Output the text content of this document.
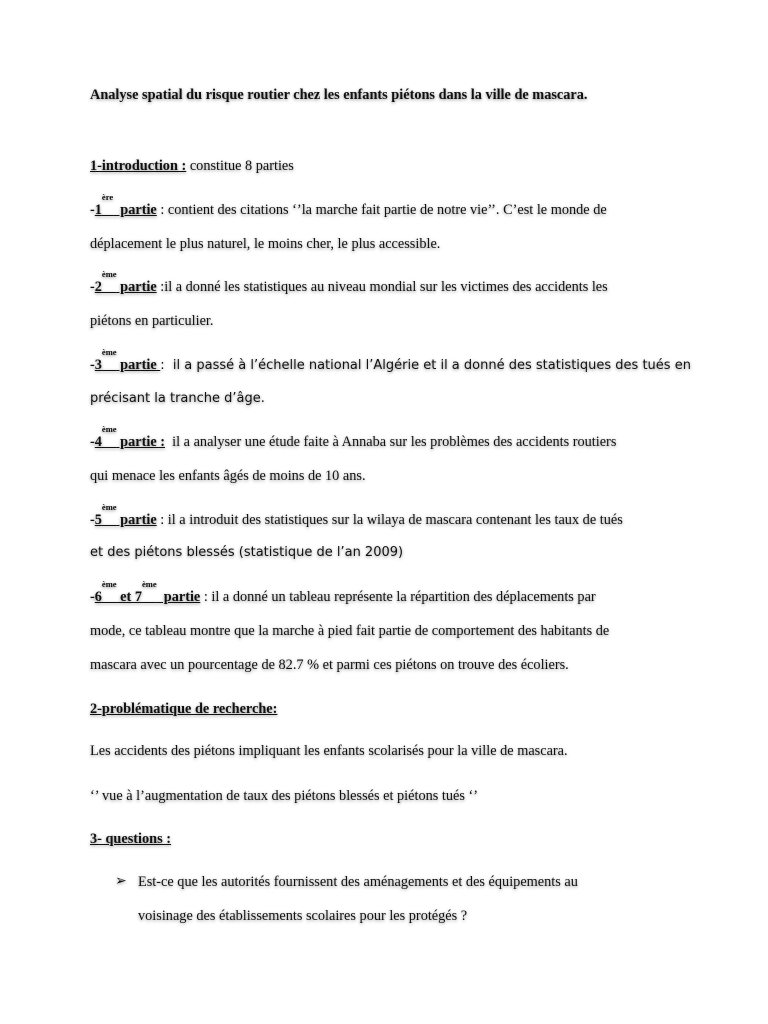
Analyse spatial du risque routier chez les enfants piétons dans la ville de mascara.
1-introduction : constitue 8 parties
-1ère  partie : contient des citations ‘’la marche fait partie de notre vie’’. C’est le monde de
déplacement le plus naturel, le moins cher, le plus accessible.
-2ème partie :il a donné les statistiques au niveau mondial sur les victimes des accidents les
piétons en particulier.
-3ème partie :  il a passé à l’échelle national l’Algérie et il a donné des statistiques des tués en
précisant la tranche d’âge.
-4ème partie :  il a analyser une étude faite à Annaba sur les problèmes des accidents routiers
qui menace les enfants âgés de moins de 10 ans.
-5ème partie : il a introduit des statistiques sur la wilaya de mascara contenant les taux de tués
et des piétons blessés (statistique de l’an 2009)
-6ème et 7ème  partie : il a donné un tableau représente la répartition des déplacements par
mode, ce tableau montre que la marche à pied fait partie de comportement des habitants de
mascara avec un pourcentage de 82.7 % et parmi ces piétons on trouve des écoliers.
2-problématique de recherche:
Les accidents des piétons impliquant les enfants scolarisés pour la ville de mascara.
‘’ vue à l’augmentation de taux des piétons blessés et piétons tués ‘’
3- questions :
➢ Est-ce que les autorités fournissent des aménagements et des équipements au
voisinage des établissements scolaires pour les protégés ?
